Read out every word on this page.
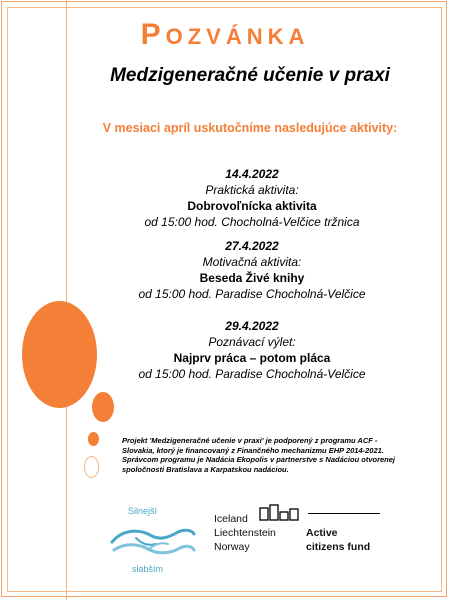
POZVÁNKA
Medzigeneračné učenie v praxi
V mesiaci apríl uskutočníme nasledujúce aktivity:
14.4.2022
Praktická aktivita:
Dobrovoľnícka aktivita
od 15:00 hod. Chocholná-Velčice tržnica
27.4.2022
Motivačná aktivita:
Beseda Živé knihy
od 15:00 hod. Paradise Chocholná-Velčice
29.4.2022
Poznávací výlet:
Najprv práca – potom pláca
od 15:00 hod. Paradise Chocholná-Velčice
Projekt 'Medzigeneračné učenie v praxi' je podporený z programu ACF - Slovakia, ktorý je financovaný z Finančného mechanizmu EHP 2014-2021. Správcom programu je Nadácia Ekopolis v partnerstve s Nadáciou otvorenej spoločnosti Bratislava a Karpatskou nadáciou.
Silnejší
slabším
Iceland
Liechtenstein
Norway
Active
citizens fund
